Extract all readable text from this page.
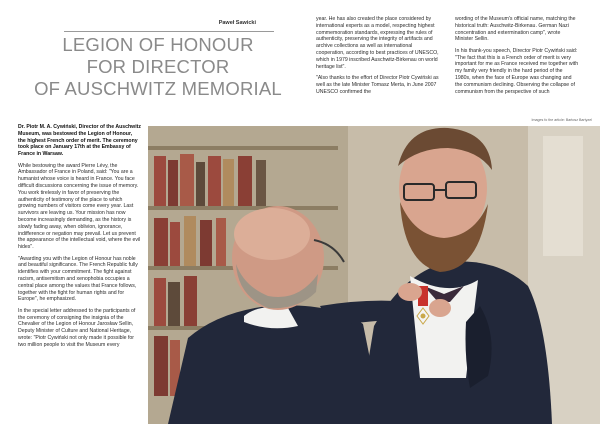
Paweł Sawicki
LEGION OF HONOUR
FOR DIRECTOR
OF AUSCHWITZ MEMORIAL

Dr. Piotr M. A. Cywiński, Director of the Auschwitz Museum, was bestowed the Legion of Honour, the highest French order of merit. The ceremony took place on January 17th at the Embassy of France in Warsaw.

While bestowing the award Pierre Lévy, the Ambassador of France in Poland, said: "You are a humanist whose voice is heard in France. You face difficult discussions concerning the issue of memory. You work tirelessly in favor of preserving the authenticity of testimony of the place to which growing numbers of visitors come every year. Last survivors are leaving us. Your mission has now become increasingly demanding, as the history is slowly fading away, when oblivion, ignorance, indifference or negation may prevail. Let us prevent the appearance of the intellectual void, where the evil hides".

"Awarding you with the Legion of Honour has noble and beautiful significance. The French Republic fully identifies with your commitment. The fight against racism, antisemitism and xenophobia occupies a central place among the values that France follows, together with the fight for human rights and for Europe", he emphasized.

In the special letter addressed to the participants of the ceremony of consigning the insignia of the Chevalier of the Legion of Honour Jarosław Sellin, Deputy Minister of Culture and National Heritage, wrote: "Piotr Cywiński not only made it possible for two million people to visit the Museum every

year. He has also created the place considered by international experts as a model, respecting highest commemoration standards, expressing the rules of authenticity, preserving the integrity of artifacts and archive collections as well as international cooperation, according to best practices of UNESCO, which in 1979 inscribed Auschwitz-Birkenau on world heritage list".

"Also thanks to the effort of Director Piotr Cywiński as well as the late Minister Tomasz Merta, in June 2007 UNESCO confirmed the

wording of the Museum's official name, matching the historical truth: Auschwitz-Birkenau. German Nazi concentration and extermination camp", wrote Minister Sellin.

In his thank-you speech, Director Piotr Cywiński said: "The fact that this is a French order of merit is very important for me as France received me together with my family very friendly in the hard period of the 1980s, when the face of Europe was changing and the communism declining. Observing the collapse of communism from the perspective of such

Images fo the article: Bartosz Bartyzel
